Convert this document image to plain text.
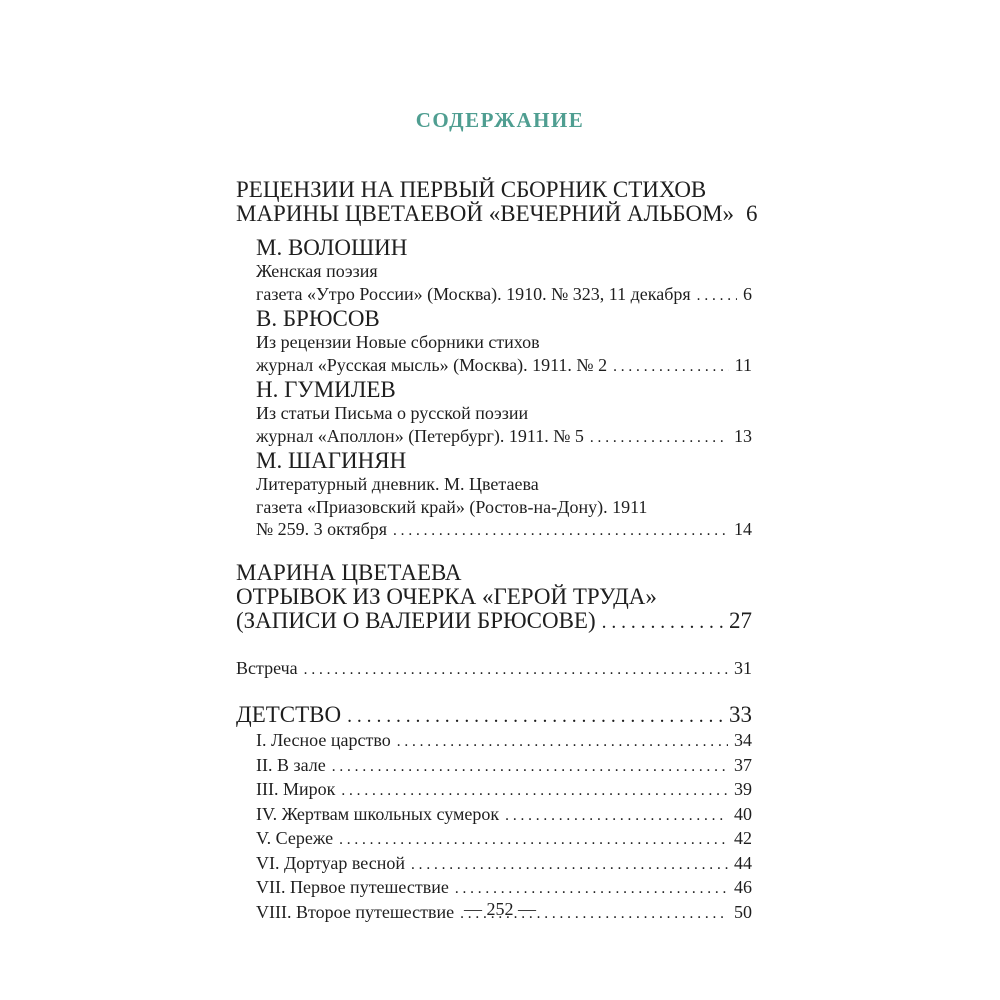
СОДЕРЖАНИЕ
РЕЦЕНЗИИ НА ПЕРВЫЙ СБОРНИК СТИХОВ
МАРИНЫ ЦВЕТАЕВОЙ «ВЕЧЕРНИЙ АЛЬБОМ» 6
М. ВОЛОШИН
Женская поэзия
газета «Утро России» (Москва). 1910. № 323, 11 декабря . . .	6
В. БРЮСОВ
Из рецензии Новые сборники стихов
журнал «Русская мысль» (Москва). 1911. № 2 . . .	11
Н. ГУМИЛЕВ
Из статьи Письма о русской поэзии
журнал «Аполлон» (Петербург). 1911. № 5 . . .	13
М. ШАГИНЯН
Литературный дневник. М. Цветаева
газета «Приазовский край» (Ростов-на-Дону). 1911
№ 259. 3 октября . . .	14
МАРИНА ЦВЕТАЕВА
ОТРЫВОК ИЗ ОЧЕРКА «ГЕРОЙ ТРУДА»
(ЗАПИСИ О ВАЛЕРИИ БРЮСОВЕ) . . .	27
Встреча . . .	31
ДЕТСТВО . . .	33
I. Лесное царство . . .	34
II. В зале . . .	37
III. Мирок . . .	39
IV. Жертвам школьных сумерок . . .	40
V. Сереже . . .	42
VI. Дортуар весной . . .	44
VII. Первое путешествие . . .	46
VIII. Второе путешествие . . .	50
— 252 —
